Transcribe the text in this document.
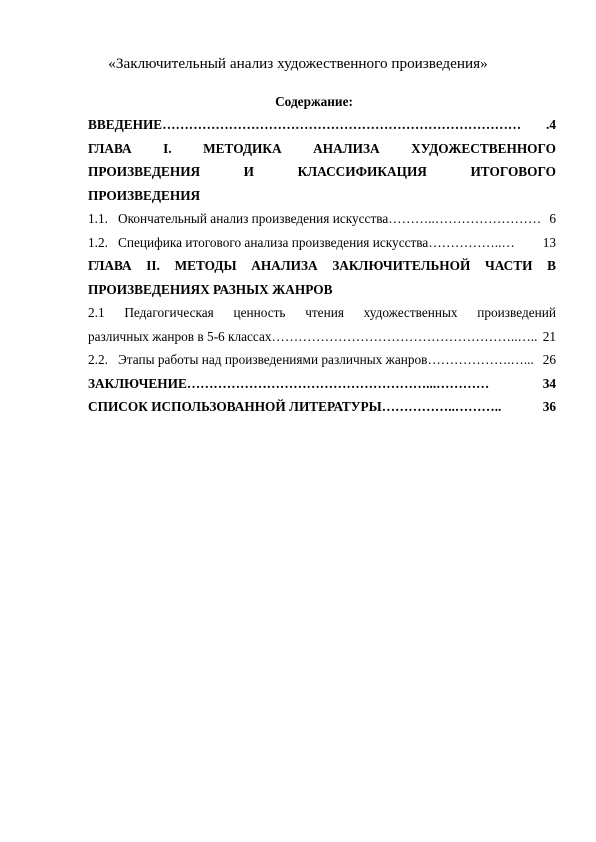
«Заключительный анализ художественного произведения»
Содержание:
ВВЕДЕНИЕ ………………………………………………………………………	.4
ГЛАВА I. МЕТОДИКА АНАЛИЗА ХУДОЖЕСТВЕННОГО
ПРОИЗВЕДЕНИЯ И КЛАССИФИКАЦИЯ ИТОГОВОГО
ПРОИЗВЕДЕНИЯ
1.1. Окончательный анализ произведения искусства ………..…………………… 6
1.2. Специфика итогового анализа произведения искусства ……………..…	13
ГЛАВА II. МЕТОДЫ АНАЛИЗА ЗАКЛЮЧИТЕЛЬНОЙ ЧАСТИ В
ПРОИЗВЕДЕНИЯХ РАЗНЫХ ЖАНРОВ
2.1 Педагогическая ценность чтения художественных произведений
различных жанров в 5-6 классах ………………………………………………..….. 21
2.2. Этапы работы над произведениями различных жанров ……………….…... 26
ЗАКЛЮЧЕНИЕ ………………………………………………...…………	34
СПИСОК ИСПОЛЬЗОВАННОЙ ЛИТЕРАТУРЫ ……………..………..	36
